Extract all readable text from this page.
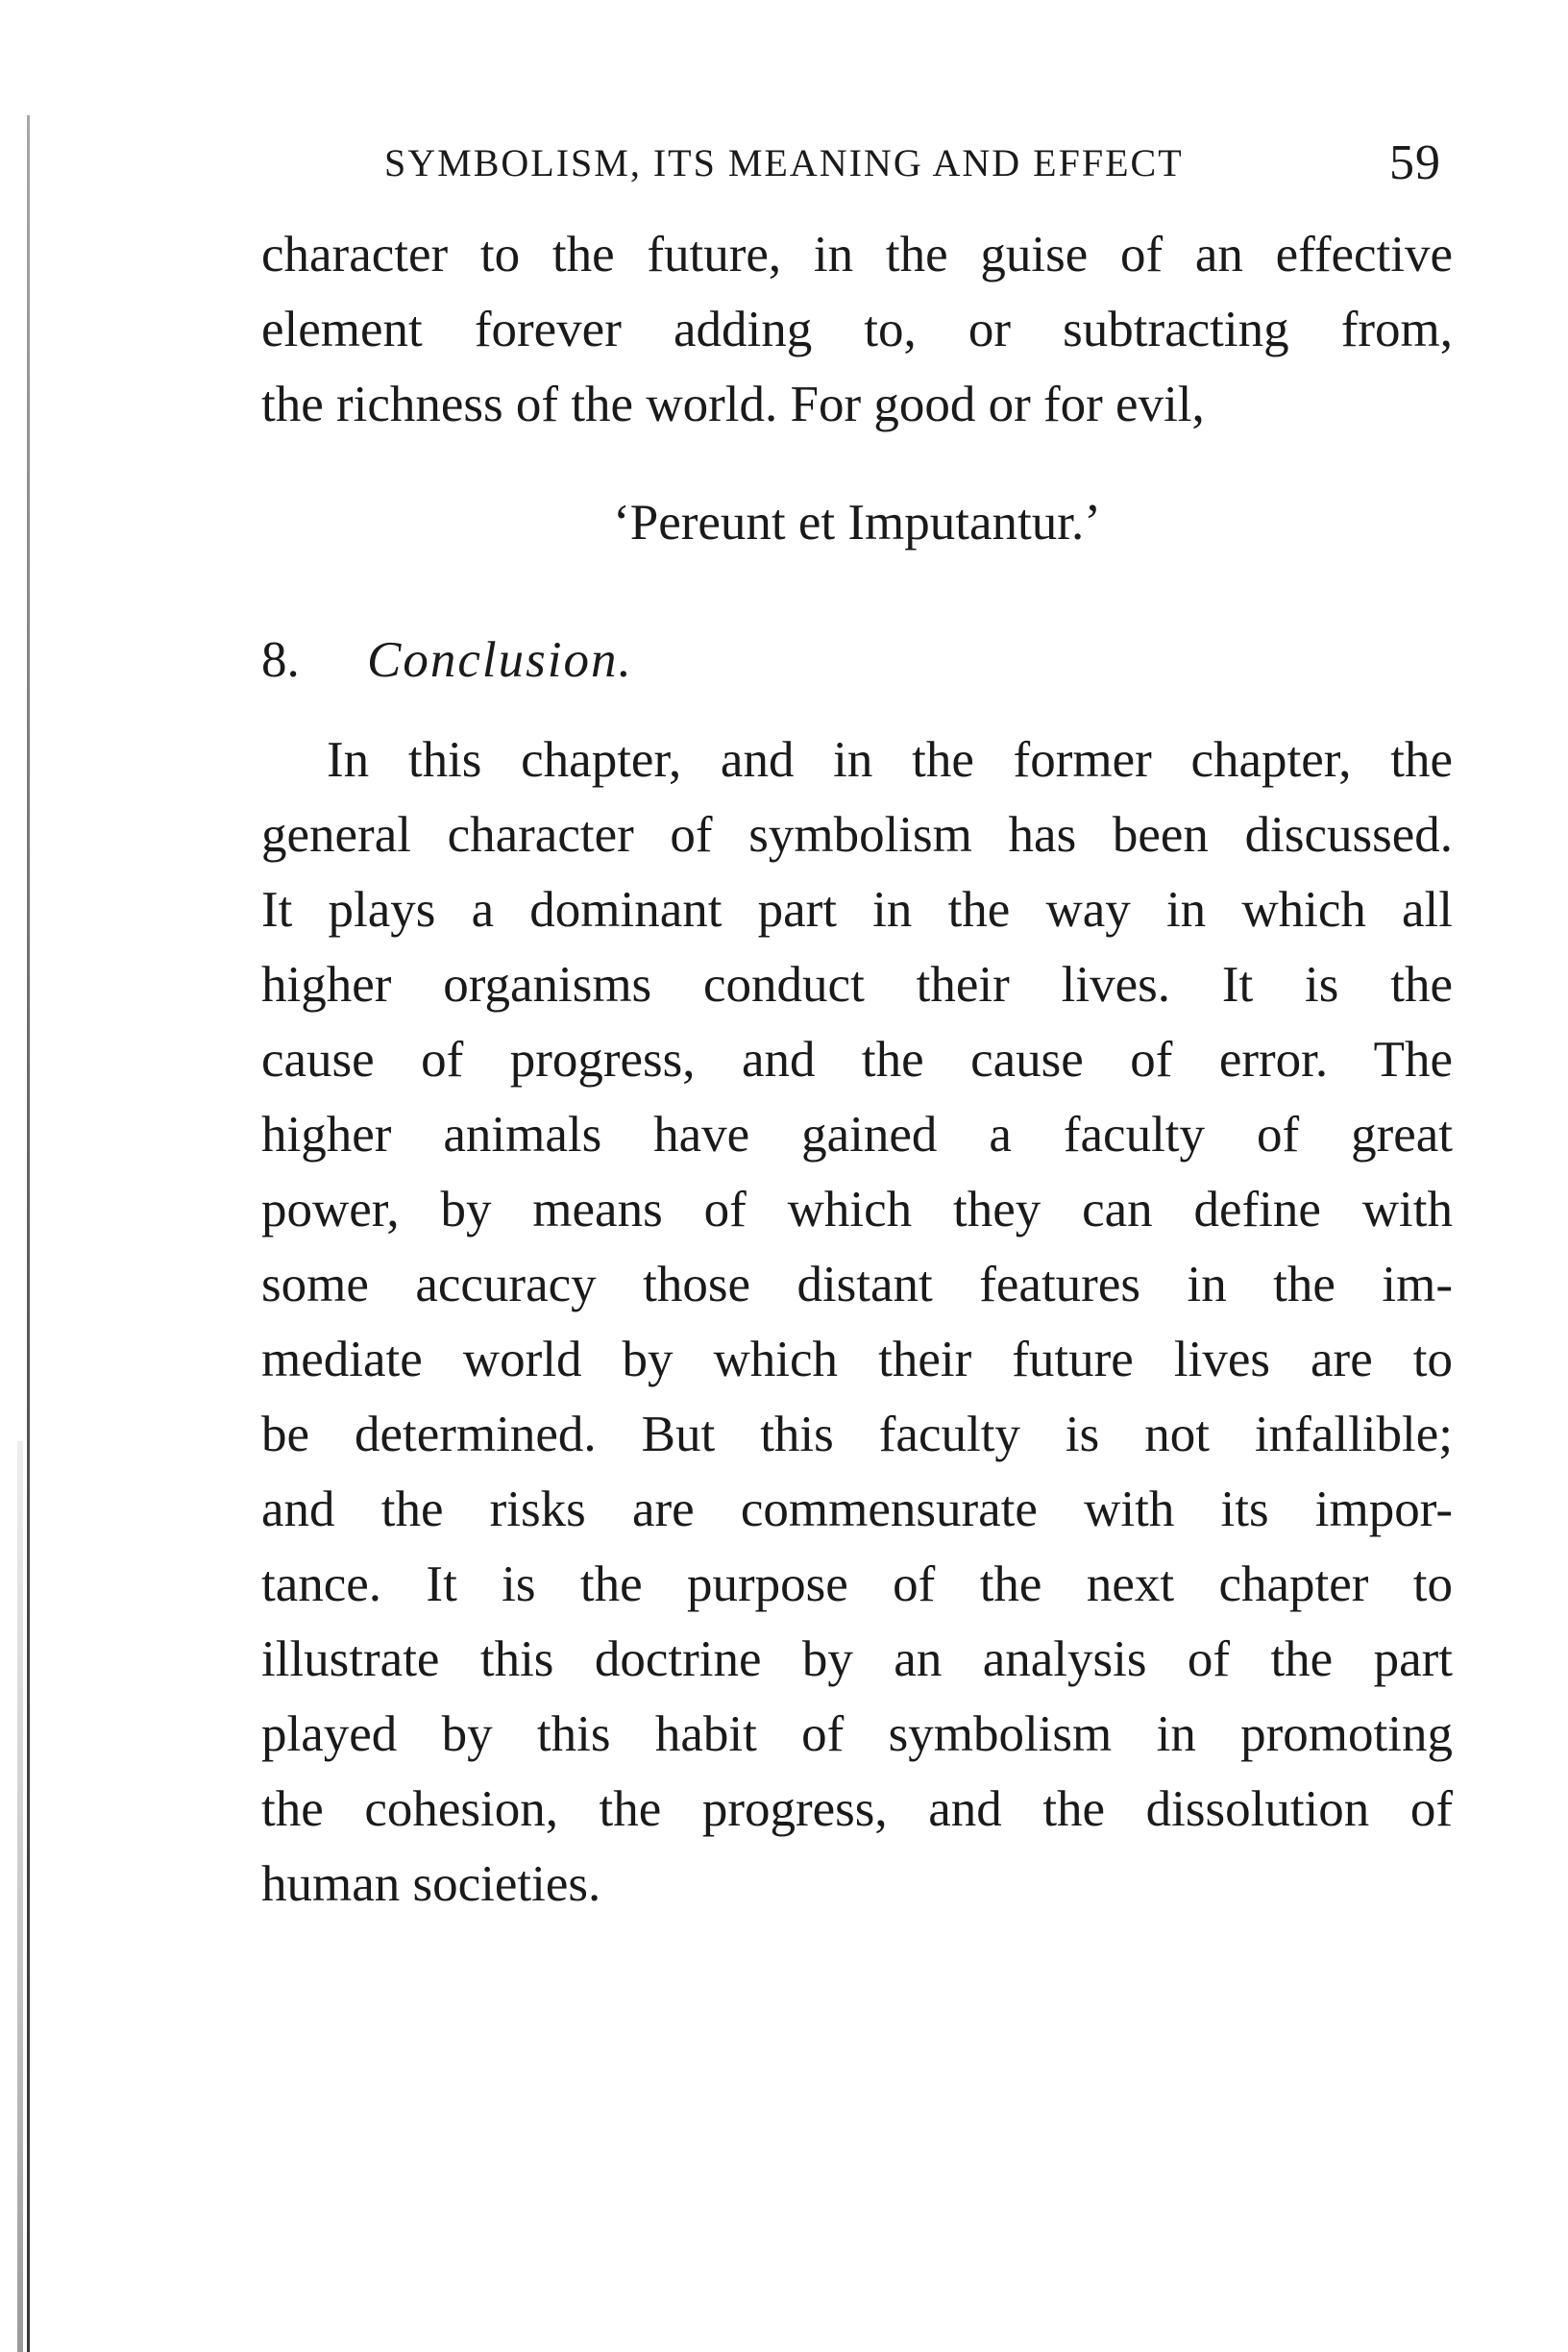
SYMBOLISM, ITS MEANING AND EFFECT	59
character to the future, in the guise of an effective
element forever adding to, or subtracting from,
the richness of the world. For good or for evil,
‘Pereunt et Imputantur.’
8. Conclusion.
In this chapter, and in the former chapter, the
general character of symbolism has been discussed.
It plays a dominant part in the way in which all
higher organisms conduct their lives. It is the
cause of progress, and the cause of error. The
higher animals have gained a faculty of great
power, by means of which they can define with
some accuracy those distant features in the im-
mediate world by which their future lives are to
be determined. But this faculty is not infallible;
and the risks are commensurate with its impor-
tance. It is the purpose of the next chapter to
illustrate this doctrine by an analysis of the part
played by this habit of symbolism in promoting
the cohesion, the progress, and the dissolution of
human societies.
